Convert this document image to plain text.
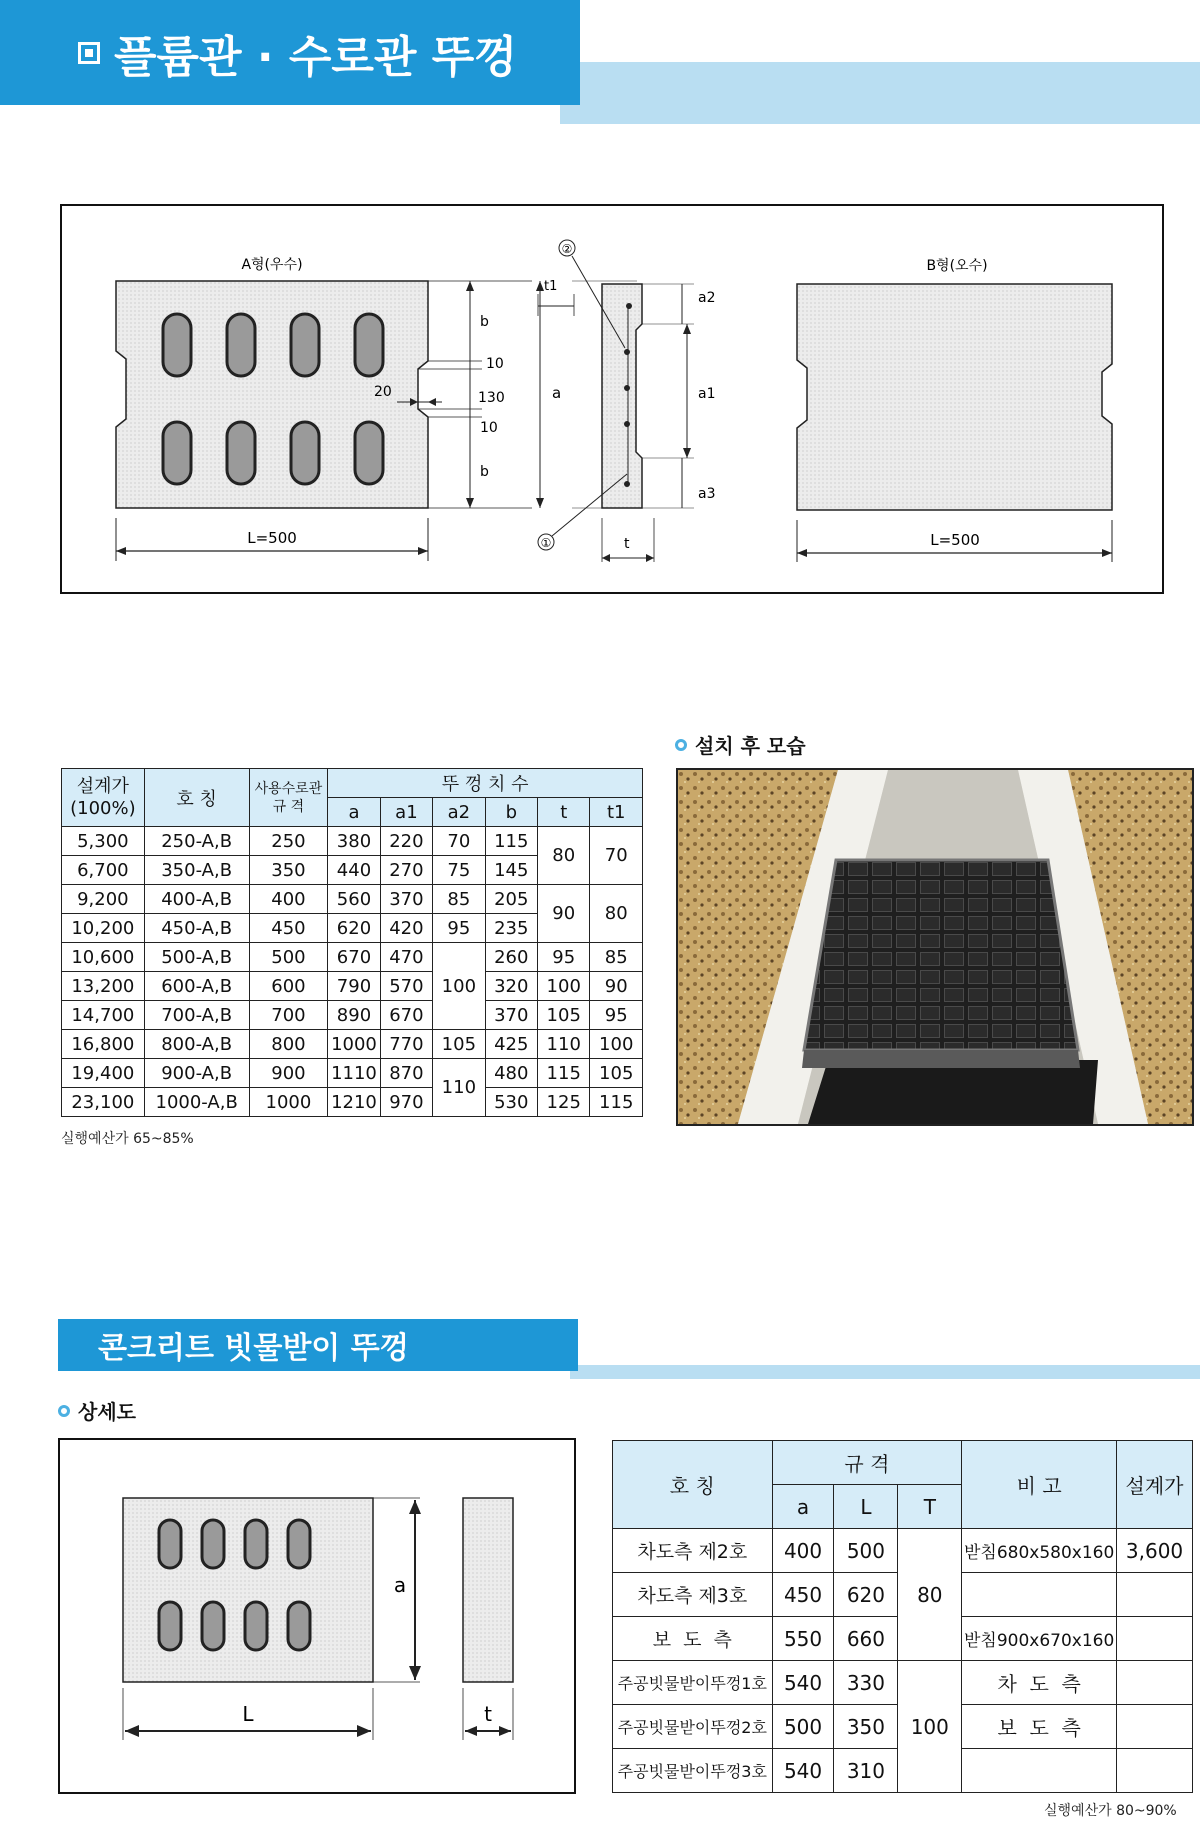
플륨관 · 수로관 뚜껑
A형(우수)
L=500
b
10
130
10
b
20	a
t1
②
①
a2
a1
a3
t
B형(오수)
L=500
설계가
(100%)	호 칭	사용수로관
규 격	뚜 껑 치 수					
			a	a1	a2	b	t	t1
5,300	250-A,B	250	380	220	70	115	80	70
6,700	350-A,B	350	440	270	75	145		
9,200	400-A,B	400	560	370	85	205	90	80
10,200	450-A,B	450	620	420	95	235		
10,600	500-A,B	500	670	470	100	260	95	85
13,200	600-A,B	600	790	570		320	100	90
14,700	700-A,B	700	890	670		370	105	95
16,800	800-A,B	800	1000	770	105	425	110	100
19,400	900-A,B	900	1110	870	110	480	115	105
23,100	1000-A,B	1000	1210	970		530	125	115
실행예산가 65~85%
설치 후 모습
콘크리트 빗물받이 뚜껑
상세도
a
L	t
호 칭	규 격			비 고	설계가
	a	L	T		
차도측 제2호	400	500	80	받침680x580x160	3,600
차도측 제3호	450	620			
보  도  측	550	660		받침900x670x160	
주공빗물받이뚜껑1호	540	330	100	차  도  측	
주공빗물받이뚜껑2호	500	350		보  도  측	
주공빗물받이뚜껑3호	540	310			
실행예산가 80~90%
